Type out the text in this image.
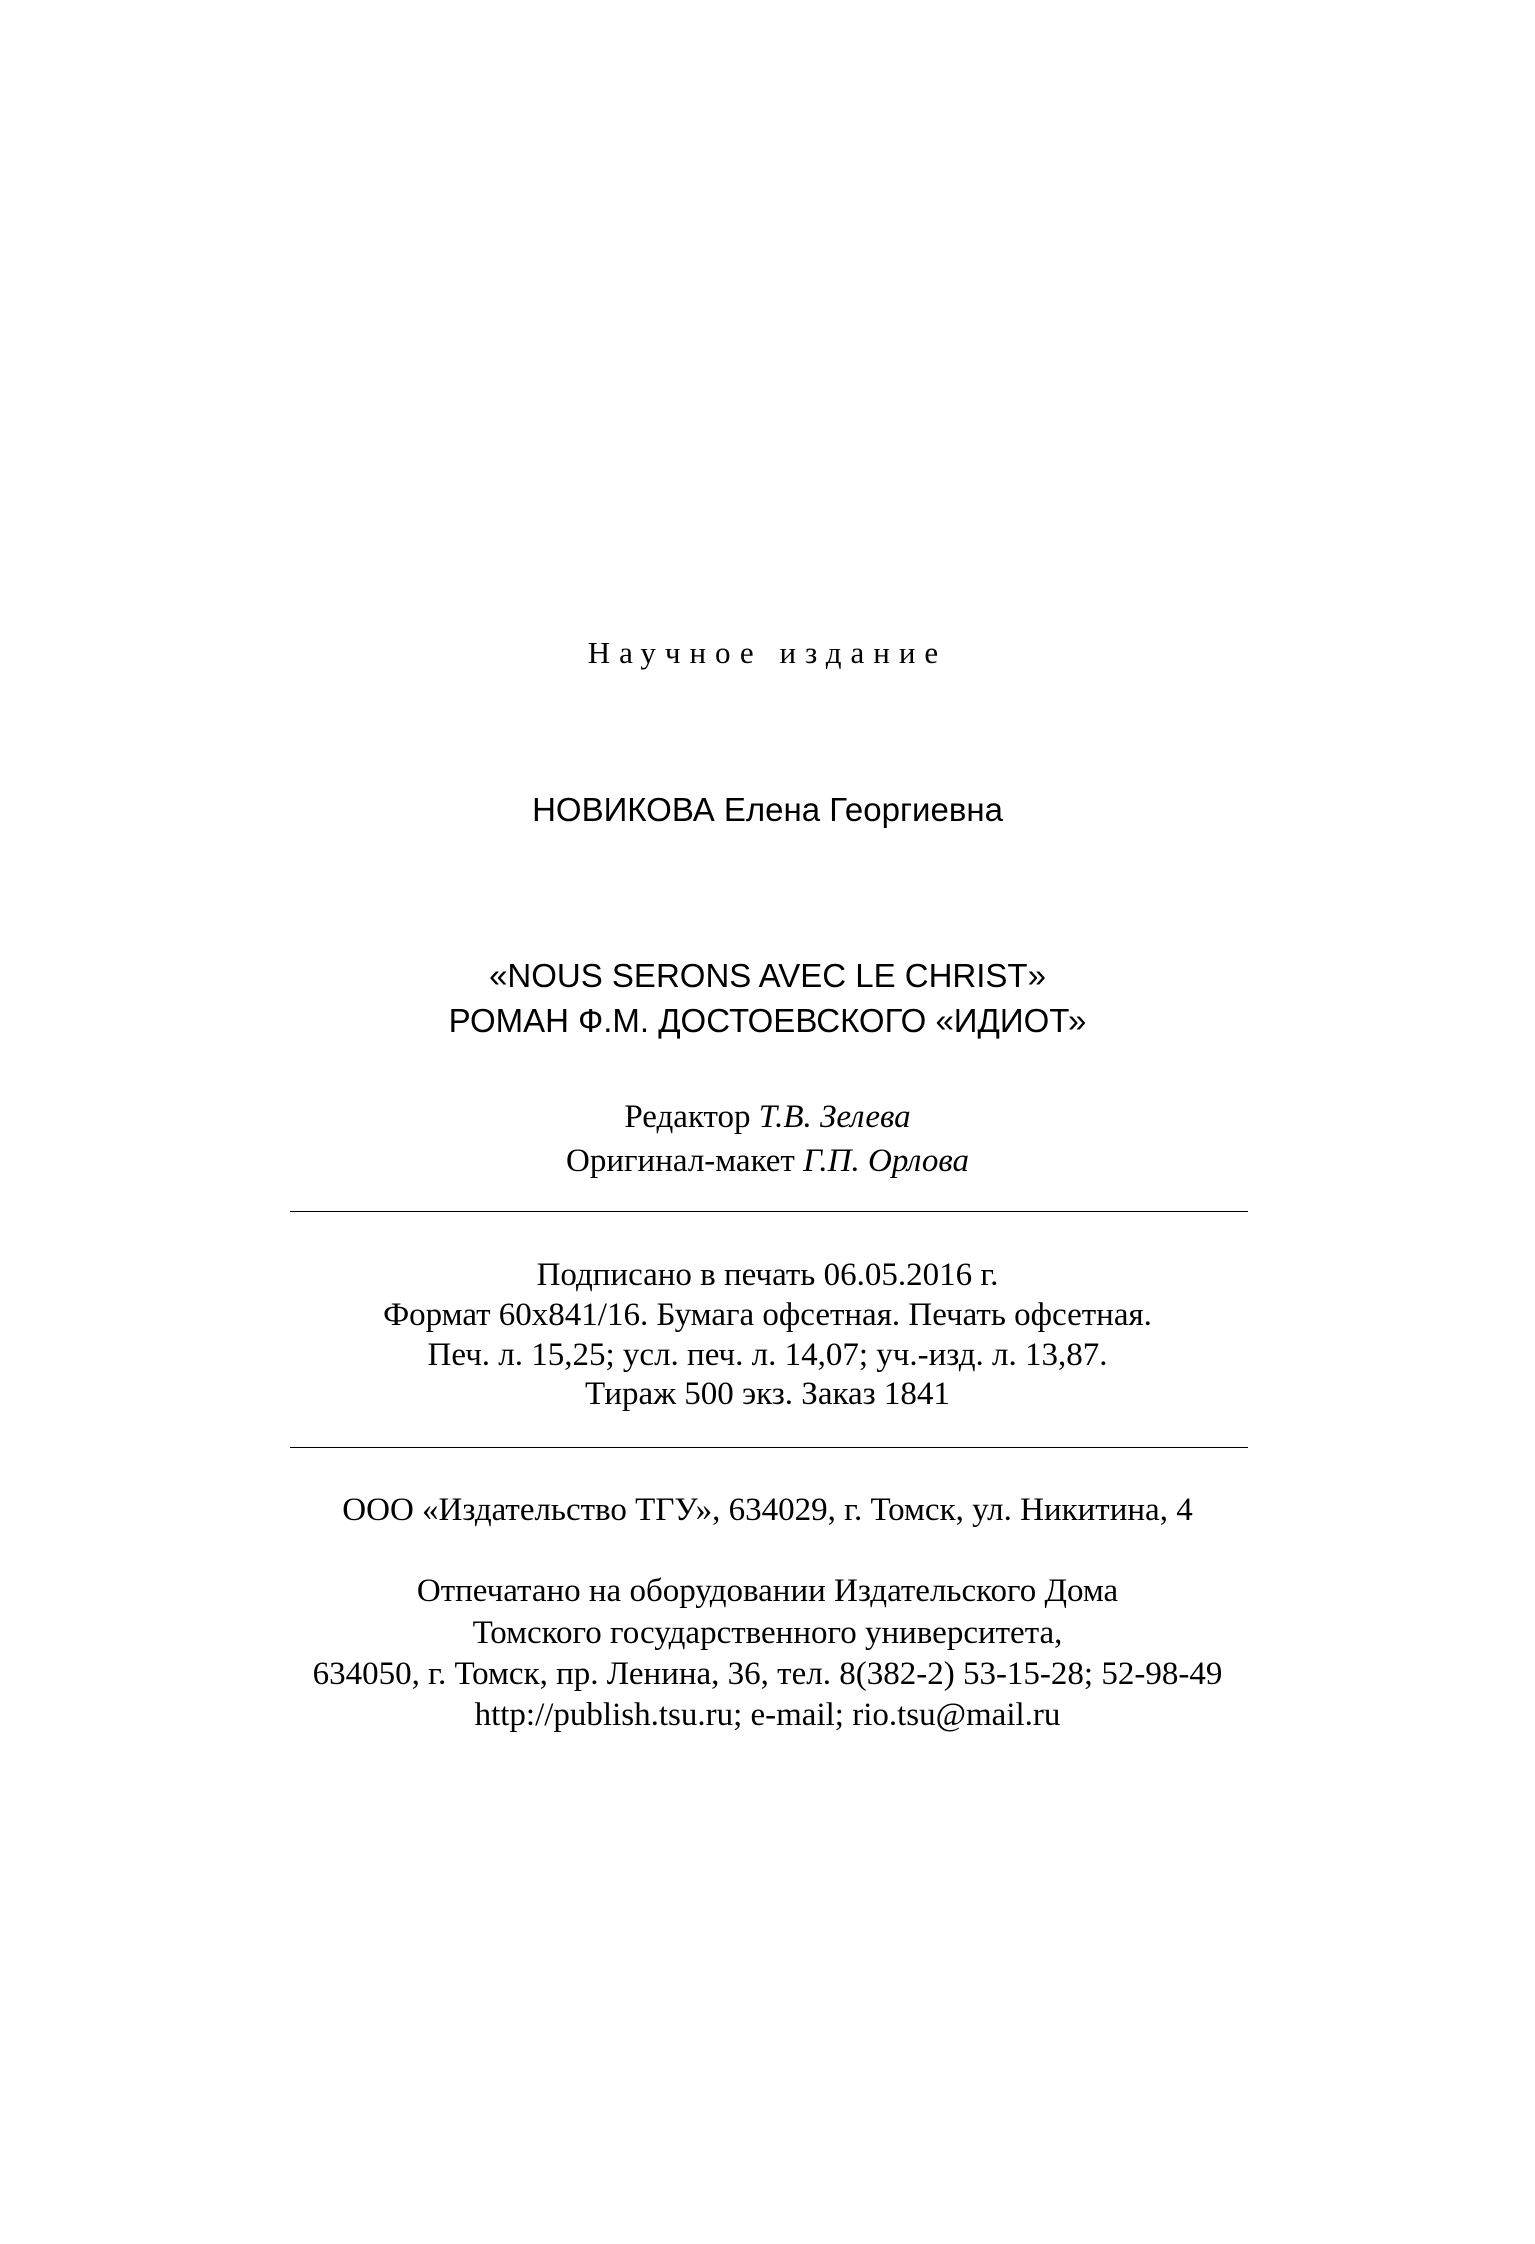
Научное издание
НОВИКОВА Елена Георгиевна
«NOUS SERONS AVEC LE CHRIST»
РОМАН Ф.М. ДОСТОЕВСКОГО «ИДИОТ»
Редактор Т.В. Зелева
Оригинал-макет Г.П. Орлова
Подписано в печать 06.05.2016 г.
Формат 60x841/16. Бумага офсетная. Печать офсетная.
Печ. л. 15,25; усл. печ. л. 14,07; уч.-изд. л. 13,87.
Тираж 500 экз. Заказ 1841
ООО «Издательство ТГУ», 634029, г. Томск, ул. Никитина, 4
Отпечатано на оборудовании Издательского Дома
Томского государственного университета,
634050, г. Томск, пр. Ленина, 36, тел. 8(382-2) 53-15-28; 52-98-49
http://publish.tsu.ru; e-mail; rio.tsu@mail.ru
